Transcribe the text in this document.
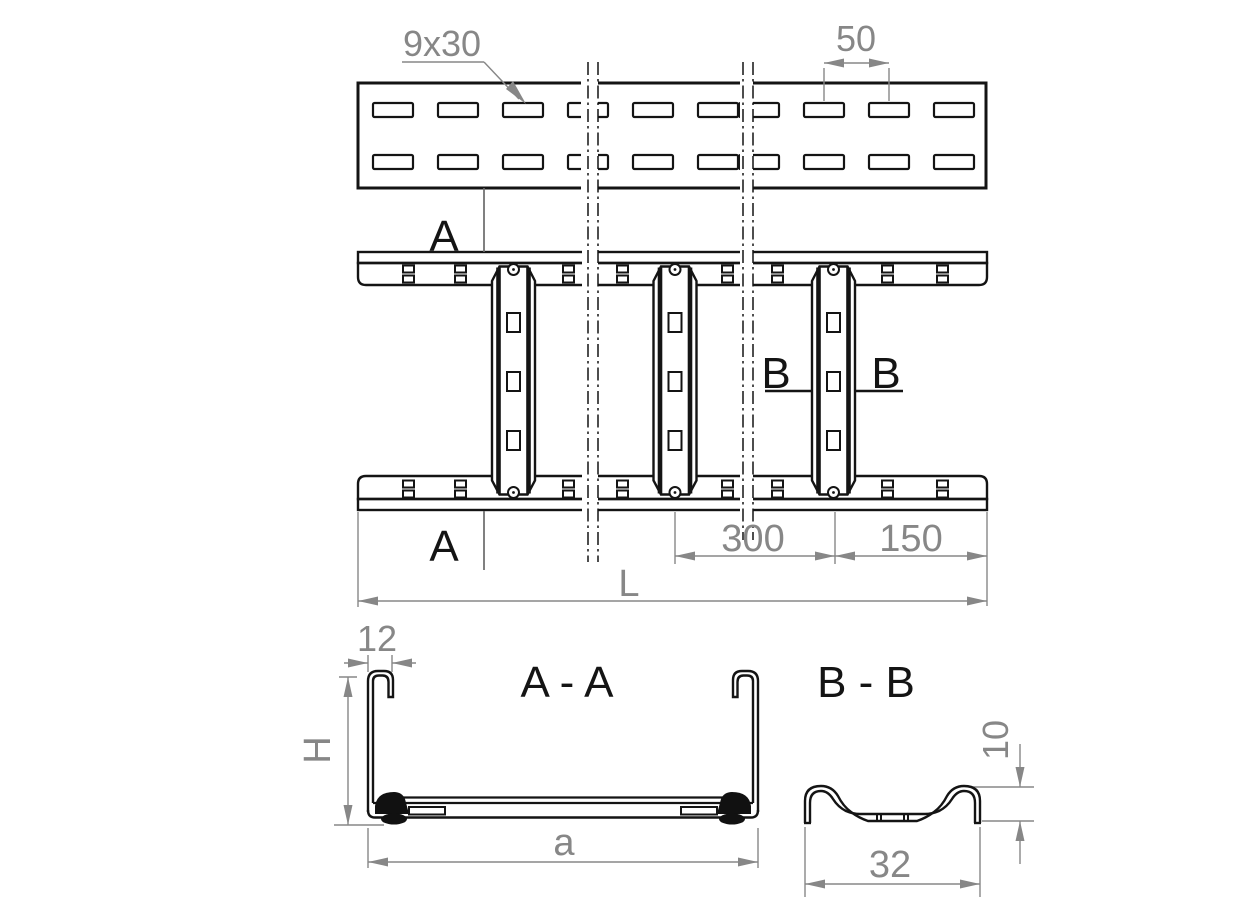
A
A
B B
9x30	50
300 150
L
12
H
a
10
32
A - A	B - B
